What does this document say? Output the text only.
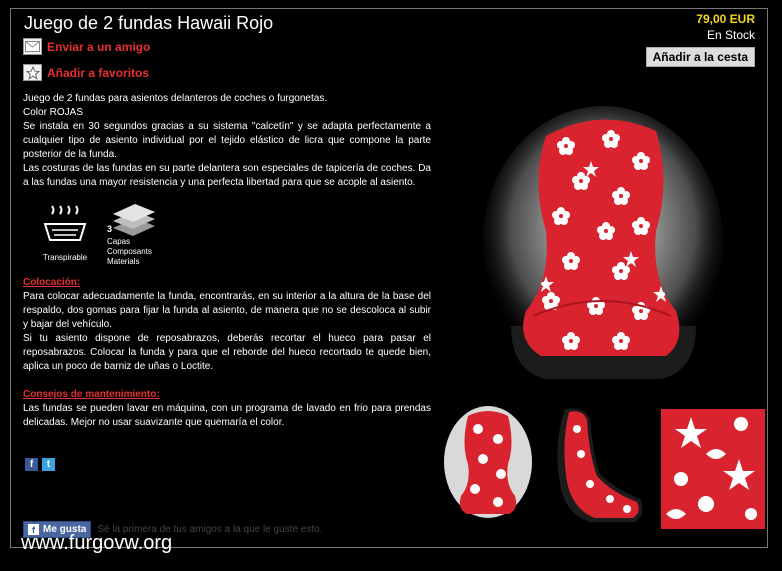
Juego de 2 fundas Hawaii Rojo	79,00 EUR
En Stock
Añadir a la cesta
Enviar a un amigo
Añadir a favoritos
Juego de 2 fundas para asientos delanteros de coches o furgonetas.
Color ROJAS
Se instala en 30 segundos gracias a su sistema "calcetín" y se adapta perfectamente a cualquier tipo de asiento individual por el tejido elástico de licra que compone la parte posterior de la funda.
Las costuras de las fundas en su parte delantera son especiales de tapicería de coches. Da a las fundas una mayor resistencia y una perfecta libertad para que se acople al asiento.
Transpirable
3
Capas
Composants
Materials
Colocación:
Para colocar adecuadamente la funda, encontrarás, en su interior a la altura de la base del respaldo, dos gomas para fijar la funda al asiento, de manera que no se descoloca al subir y bajar del vehículo.
Si tu asiento dispone de reposabrazos, deberás recortar el hueco para pasar el reposabrazos. Colocar la funda y para que el reborde del hueco recortado te quede bien, aplica un poco de barniz de uñas o Loctite.
Consejos de mantenimiento:
Las fundas se pueden lavar en máquina, con un programa de lavado en frio para prendas delicadas. Mejor no usar suavizante que quemaría el color.
f	t
f Me gusta Sé la primera de tus amigos a la que le guste esto.
www.furgovw.org
